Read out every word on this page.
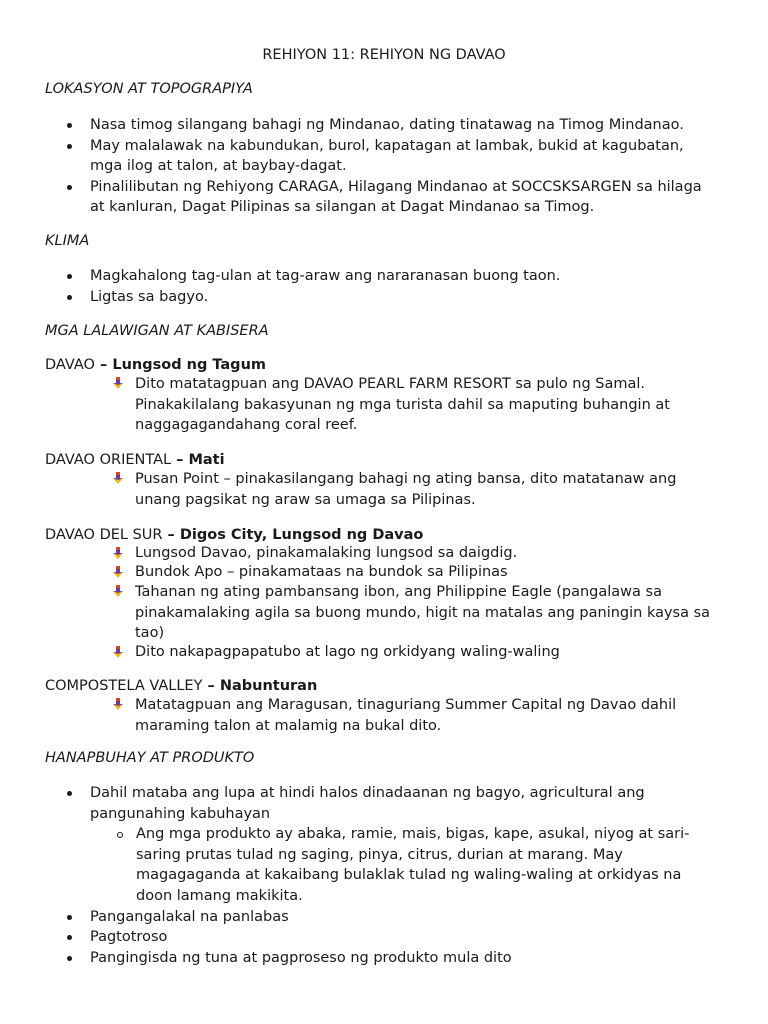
REHIYON 11: REHIYON NG DAVAO
LOKASYON AT TOPOGRAPIYA
Nasa timog silangang bahagi ng Mindanao, dating tinatawag na Timog Mindanao.
May malalawak na kabundukan, burol, kapatagan at lambak, bukid at kagubatan, mga ilog at talon, at baybay-dagat.
Pinalilibutan ng Rehiyong CARAGA, Hilagang Mindanao at SOCCSKSARGEN sa hilaga at kanluran, Dagat Pilipinas sa silangan at Dagat Mindanao sa Timog.
KLIMA
Magkahalong tag-ulan at tag-araw ang nararanasan buong taon.
Ligtas sa bagyo.
MGA LALAWIGAN AT KABISERA
DAVAO – Lungsod ng Tagum
Dito matatagpuan ang DAVAO PEARL FARM RESORT sa pulo ng Samal. Pinakakilalang bakasyunan ng mga turista dahil sa maputing buhangin at naggagagandahang coral reef.
DAVAO ORIENTAL – Mati
Pusan Point – pinakasilangang bahagi ng ating bansa, dito matatanaw ang unang pagsikat ng araw sa umaga sa Pilipinas.
DAVAO DEL SUR – Digos City, Lungsod ng Davao
Lungsod Davao, pinakamalaking lungsod sa daigdig.
Bundok Apo – pinakamataas na bundok sa Pilipinas
Tahanan ng ating pambansang ibon, ang Philippine Eagle (pangalawa sa pinakamalaking agila sa buong mundo, higit na matalas ang paningin kaysa sa tao)
Dito nakapagpapatubo at lago ng orkidyang waling-waling
COMPOSTELA VALLEY – Nabunturan
Matatagpuan ang Maragusan, tinaguriang Summer Capital ng Davao dahil maraming talon at malamig na bukal dito.
HANAPBUHAY AT PRODUKTO
Dahil mataba ang lupa at hindi halos dinadaanan ng bagyo, agricultural ang pangunahing kabuhayan
Ang mga produkto ay abaka, ramie, mais, bigas, kape, asukal, niyog at sari-saring prutas tulad ng saging, pinya, citrus, durian at marang. May magagaganda at kakaibang bulaklak tulad ng waling-waling at orkidyas na doon lamang makikita.
Pangangalakal na panlabas
Pagtotroso
Pangingisda ng tuna at pagproseso ng produkto mula dito
